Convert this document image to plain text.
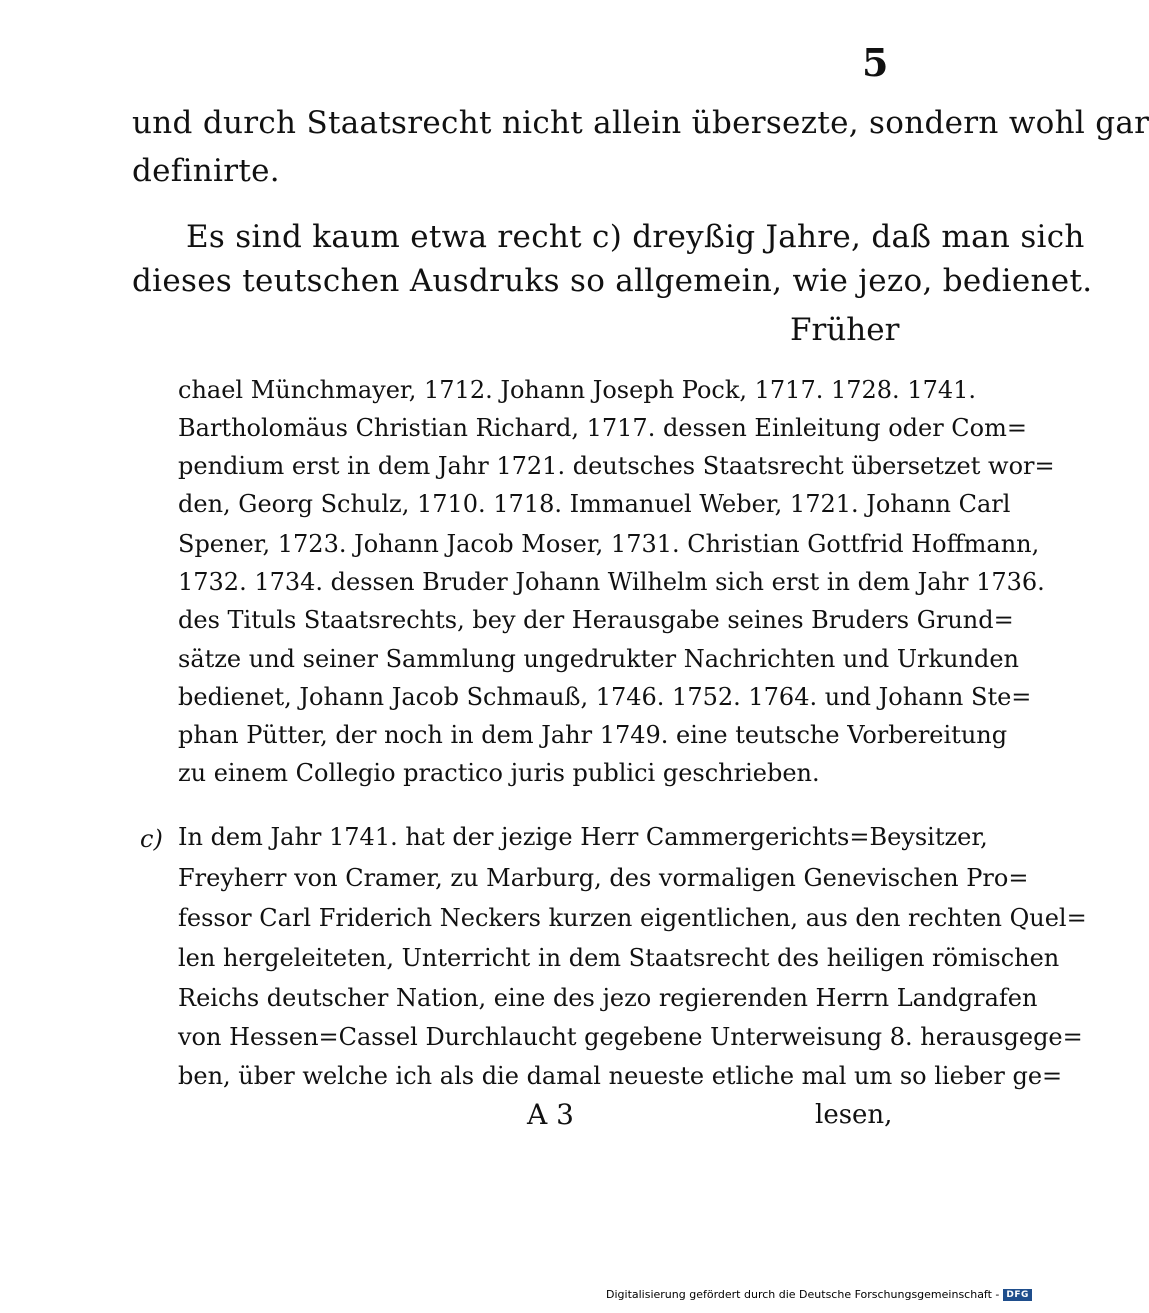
5
und durch Staatsrecht nicht allein übersezte, sondern wohl gar
definirte.
Es sind kaum etwa recht c) dreyßig Jahre, daß man sich
dieses teutschen Ausdruks so allgemein, wie jezo, bedienet.
Früher
chael Münchmayer, 1712. Johann Joseph Pock, 1717. 1728. 1741.
Bartholomäus Christian Richard, 1717. dessen Einleitung oder Com=
pendium erst in dem Jahr 1721. deutsches Staatsrecht übersetzet wor=
den, Georg Schulz, 1710. 1718. Immanuel Weber, 1721. Johann Carl
Spener, 1723. Johann Jacob Moser, 1731. Christian Gottfrid Hoffmann,
1732. 1734. dessen Bruder Johann Wilhelm sich erst in dem Jahr 1736.
des Tituls Staatsrechts, bey der Herausgabe seines Bruders Grund=
sätze und seiner Sammlung ungedrukter Nachrichten und Urkunden
bedienet, Johann Jacob Schmauß, 1746. 1752. 1764. und Johann Ste=
phan Pütter, der noch in dem Jahr 1749. eine teutsche Vorbereitung
zu einem Collegio practico juris publici geschrieben.
c) In dem Jahr 1741. hat der jezige Herr Cammergerichts=Beysitzer,
Freyherr von Cramer, zu Marburg, des vormaligen Genevischen Pro=
fessor Carl Friderich Neckers kurzen eigentlichen, aus den rechten Quel=
len hergeleiteten, Unterricht in dem Staatsrecht des heiligen römischen
Reichs deutscher Nation, eine des jezo regierenden Herrn Landgrafen
von Hessen=Cassel Durchlaucht gegebene Unterweisung 8. herausgege=
ben, über welche ich als die damal neueste etliche mal um so lieber ge=
A 3	lesen,
Digitalisierung gefördert durch die Deutsche Forschungsgemeinschaft - DFG
